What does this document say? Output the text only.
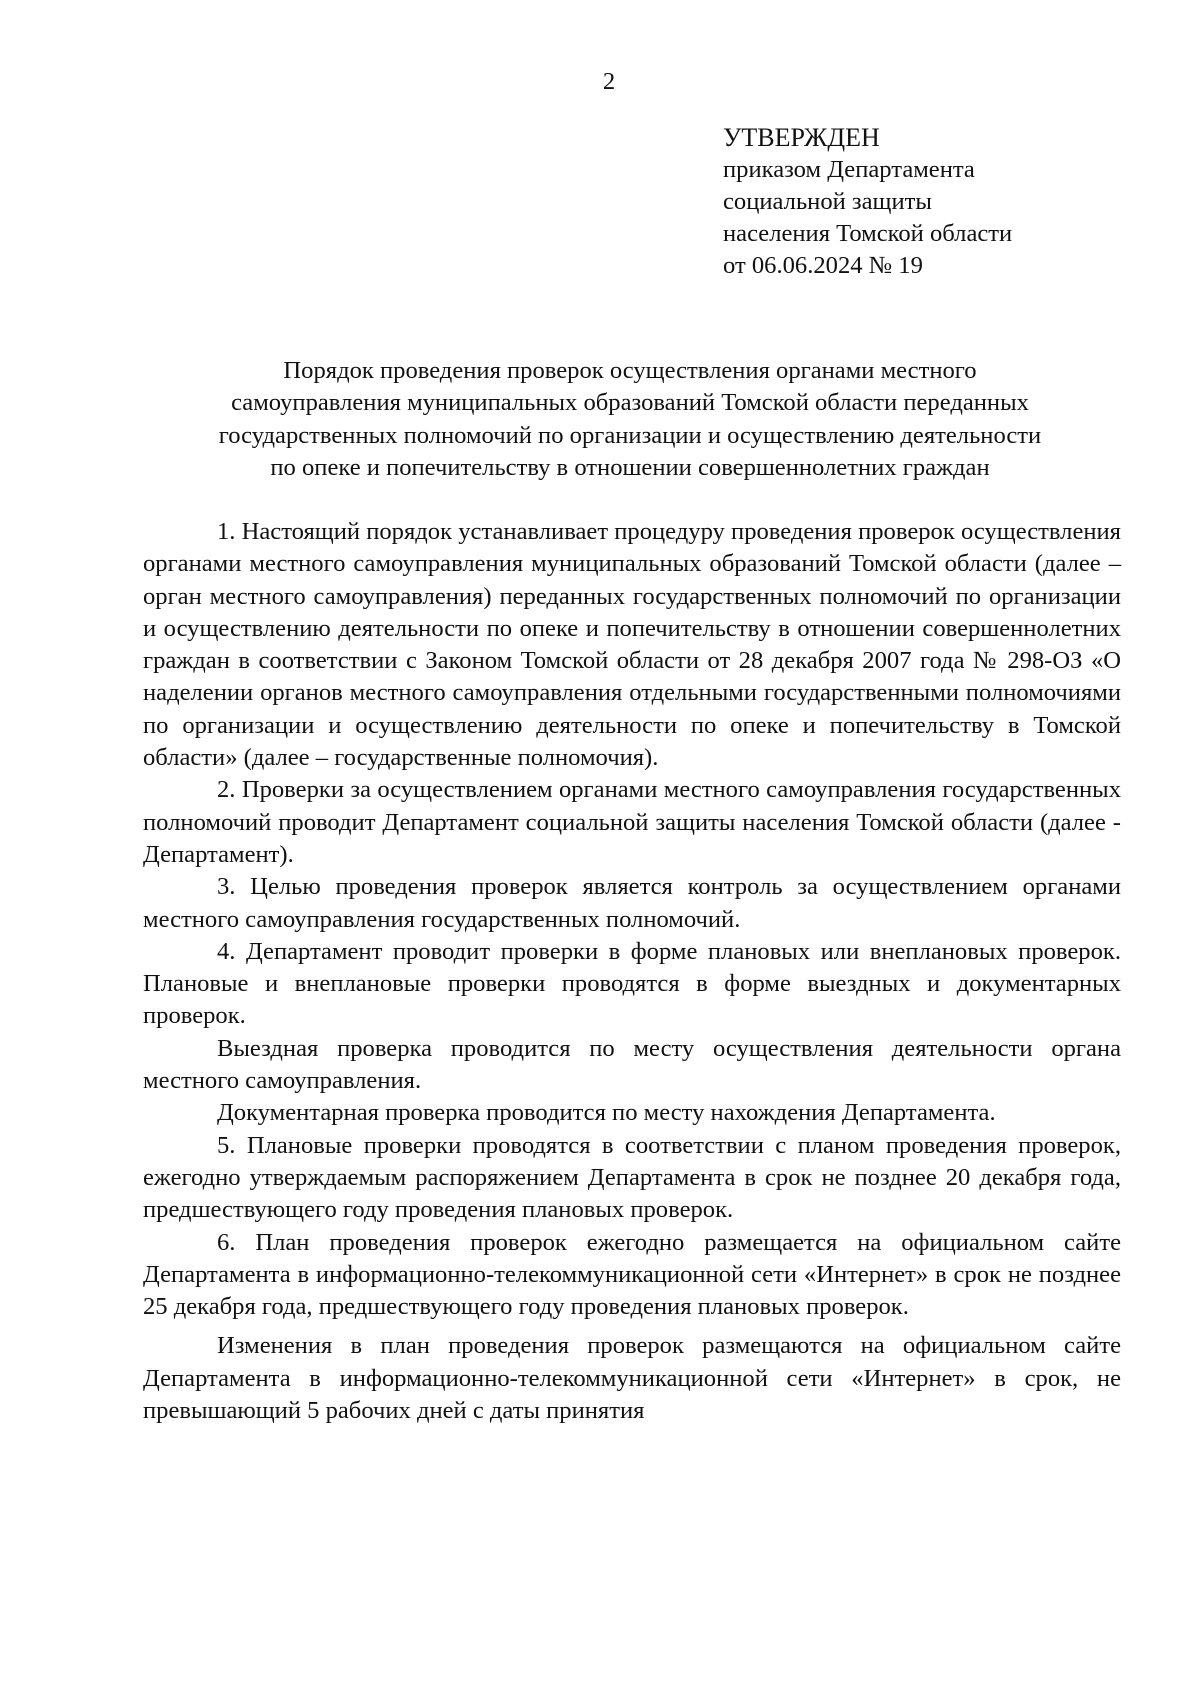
2

УТВЕРЖДЕН

приказом Департамента

социальной защиты

населения Томской области

от 06.06.2024 № 19

Порядок проведения проверок осуществления органами местного
самоуправления муниципальных образований Томской области переданных
государственных полномочий по организации и осуществлению деятельности
по опеке и попечительству в отношении совершеннолетних граждан

1. Настоящий порядок устанавливает процедуру проведения проверок осуществления органами местного самоуправления муниципальных образований Томской области (далее – орган местного самоуправления) переданных государственных полномочий по организации и осуществлению деятельности по опеке и попечительству в отношении совершеннолетних граждан в соответствии с Законом Томской области от 28 декабря 2007 года № 298-ОЗ «О наделении органов местного самоуправления отдельными государственными полномочиями по организации и осуществлению деятельности по опеке и попечительству в Томской области» (далее – государственные полномочия).

2. Проверки за осуществлением органами местного самоуправления государственных полномочий проводит Департамент социальной защиты населения Томской области (далее - Департамент).

3. Целью проведения проверок является контроль за осуществлением органами местного самоуправления государственных полномочий.

4. Департамент проводит проверки в форме плановых или внеплановых проверок. Плановые и внеплановые проверки проводятся в форме выездных и документарных проверок.

Выездная проверка проводится по месту осуществления деятельности органа местного самоуправления.

Документарная проверка проводится по месту нахождения Департамента.

5. Плановые проверки проводятся в соответствии с планом проведения проверок, ежегодно утверждаемым распоряжением Департамента в срок не позднее 20 декабря года, предшествующего году проведения плановых проверок.

6. План проведения проверок ежегодно размещается на официальном сайте Департамента в информационно-телекоммуникационной сети «Интернет» в срок не позднее 25 декабря года, предшествующего году проведения плановых проверок.

Изменения в план проведения проверок размещаются на официальном сайте Департамента в информационно-телекоммуникационной сети «Интернет» в срок, не превышающий 5 рабочих дней с даты принятия
